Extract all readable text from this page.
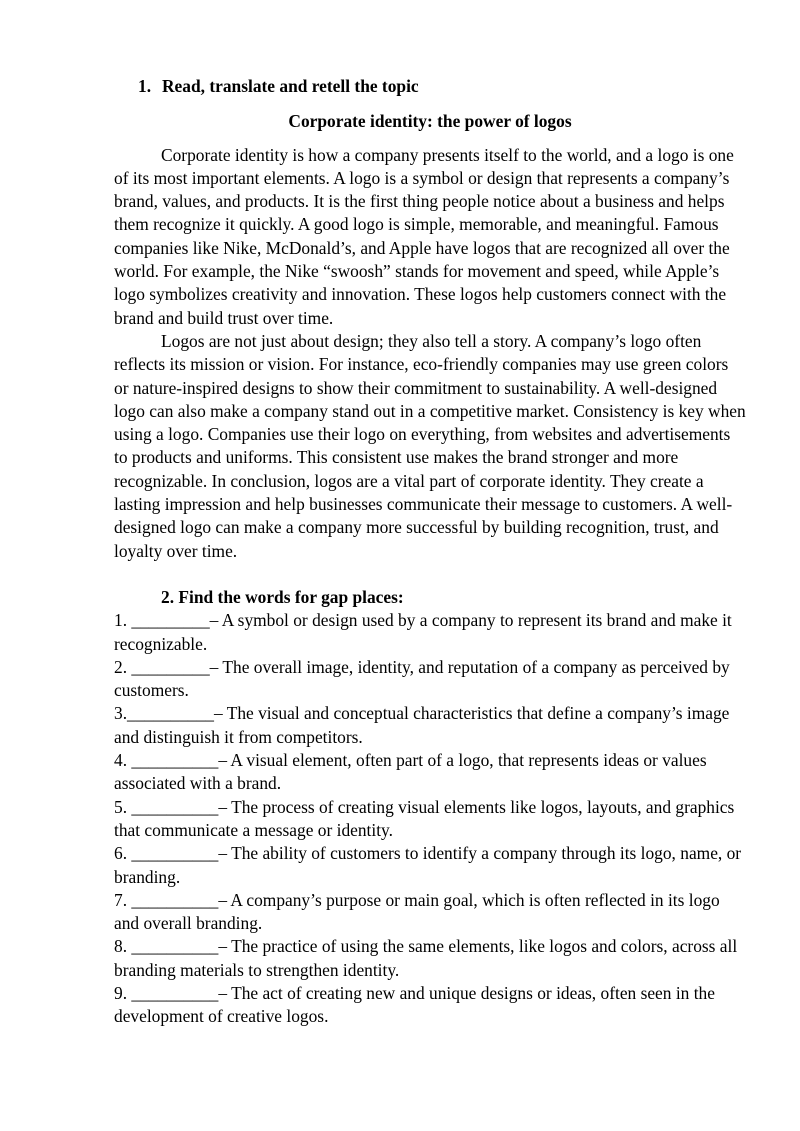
1. Read, translate and retell the topic

Corporate identity: the power of logos

Corporate identity is how a company presents itself to the world, and a logo is one of its most important elements. A logo is a symbol or design that represents a company’s brand, values, and products. It is the first thing people notice about a business and helps them recognize it quickly. A good logo is simple, memorable, and meaningful. Famous companies like Nike, McDonald’s, and Apple have logos that are recognized all over the world. For example, the Nike “swoosh” stands for movement and speed, while Apple’s logo symbolizes creativity and innovation. These logos help customers connect with the brand and build trust over time.

Logos are not just about design; they also tell a story. A company’s logo often reflects its mission or vision. For instance, eco-friendly companies may use green colors or nature-inspired designs to show their commitment to sustainability. A well-designed logo can also make a company stand out in a competitive market. Consistency is key when using a logo. Companies use their logo on everything, from websites and advertisements to products and uniforms. This consistent use makes the brand stronger and more recognizable. In conclusion, logos are a vital part of corporate identity. They create a lasting impression and help businesses communicate their message to customers. A well-designed logo can make a company more successful by building recognition, trust, and loyalty over time.

2. Find the words for gap places:

1. _________– A symbol or design used by a company to represent its brand and make it recognizable.
2. _________– The overall image, identity, and reputation of a company as perceived by customers.
3.__________– The visual and conceptual characteristics that define a company’s image and distinguish it from competitors.
4. __________– A visual element, often part of a logo, that represents ideas or values associated with a brand.
5. __________– The process of creating visual elements like logos, layouts, and graphics that communicate a message or identity.
6. __________– The ability of customers to identify a company through its logo, name, or branding.
7. __________– A company’s purpose or main goal, which is often reflected in its logo and overall branding.
8. __________– The practice of using the same elements, like logos and colors, across all branding materials to strengthen identity.
9. __________– The act of creating new and unique designs or ideas, often seen in the development of creative logos.
